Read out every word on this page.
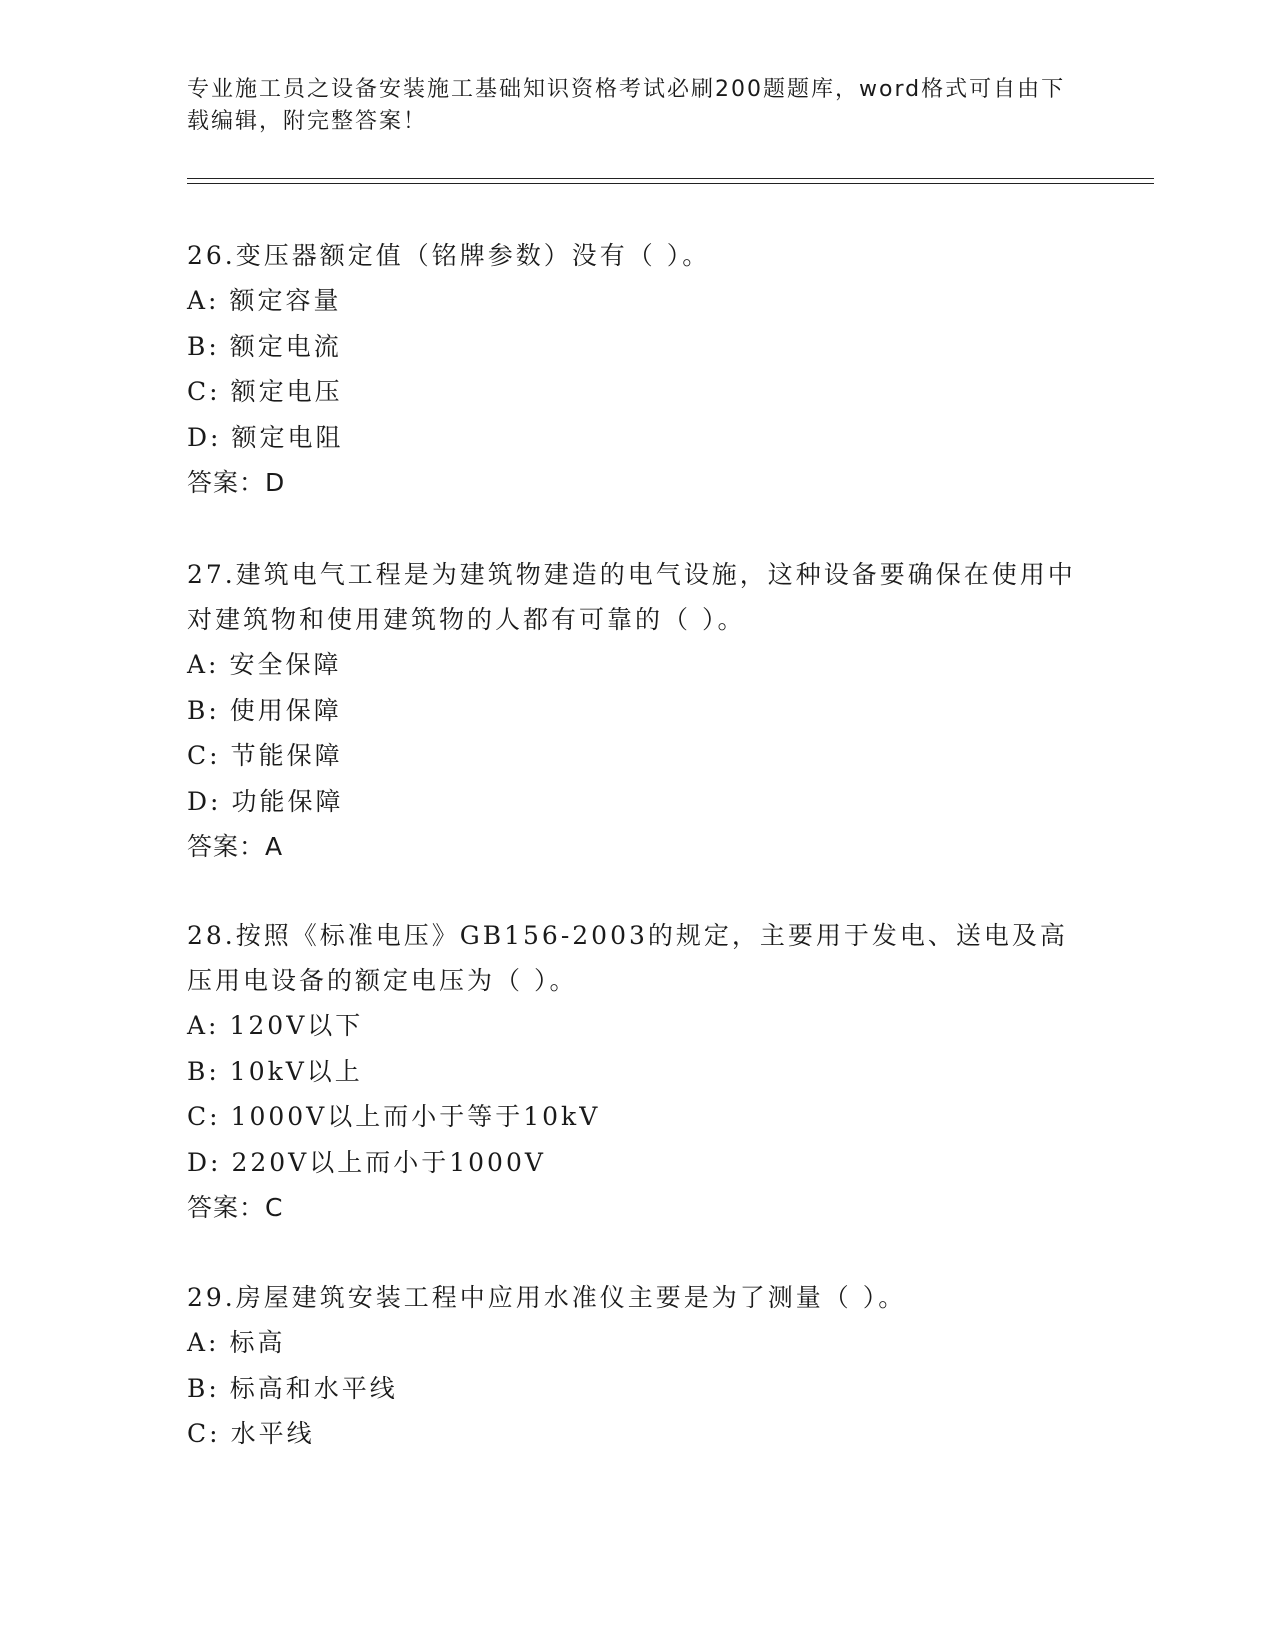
专业施工员之设备安装施工基础知识资格考试必刷200题题库，word格式可自由下载编辑，附完整答案！
26.变压器额定值（铭牌参数）没有（ ）。
A: 额定容量
B: 额定电流
C: 额定电压
D: 额定电阻
答案：D
27.建筑电气工程是为建筑物建造的电气设施，这种设备要确保在使用中对建筑物和使用建筑物的人都有可靠的（ ）。
A: 安全保障
B: 使用保障
C: 节能保障
D: 功能保障
答案：A
28.按照《标准电压》GB156-2003的规定，主要用于发电、送电及高压用电设备的额定电压为（ ）。
A: 120V以下
B: 10kV以上
C: 1000V以上而小于等于10kV
D: 220V以上而小于1000V
答案：C
29.房屋建筑安装工程中应用水准仪主要是为了测量（ ）。
A: 标高
B: 标高和水平线
C: 水平线
